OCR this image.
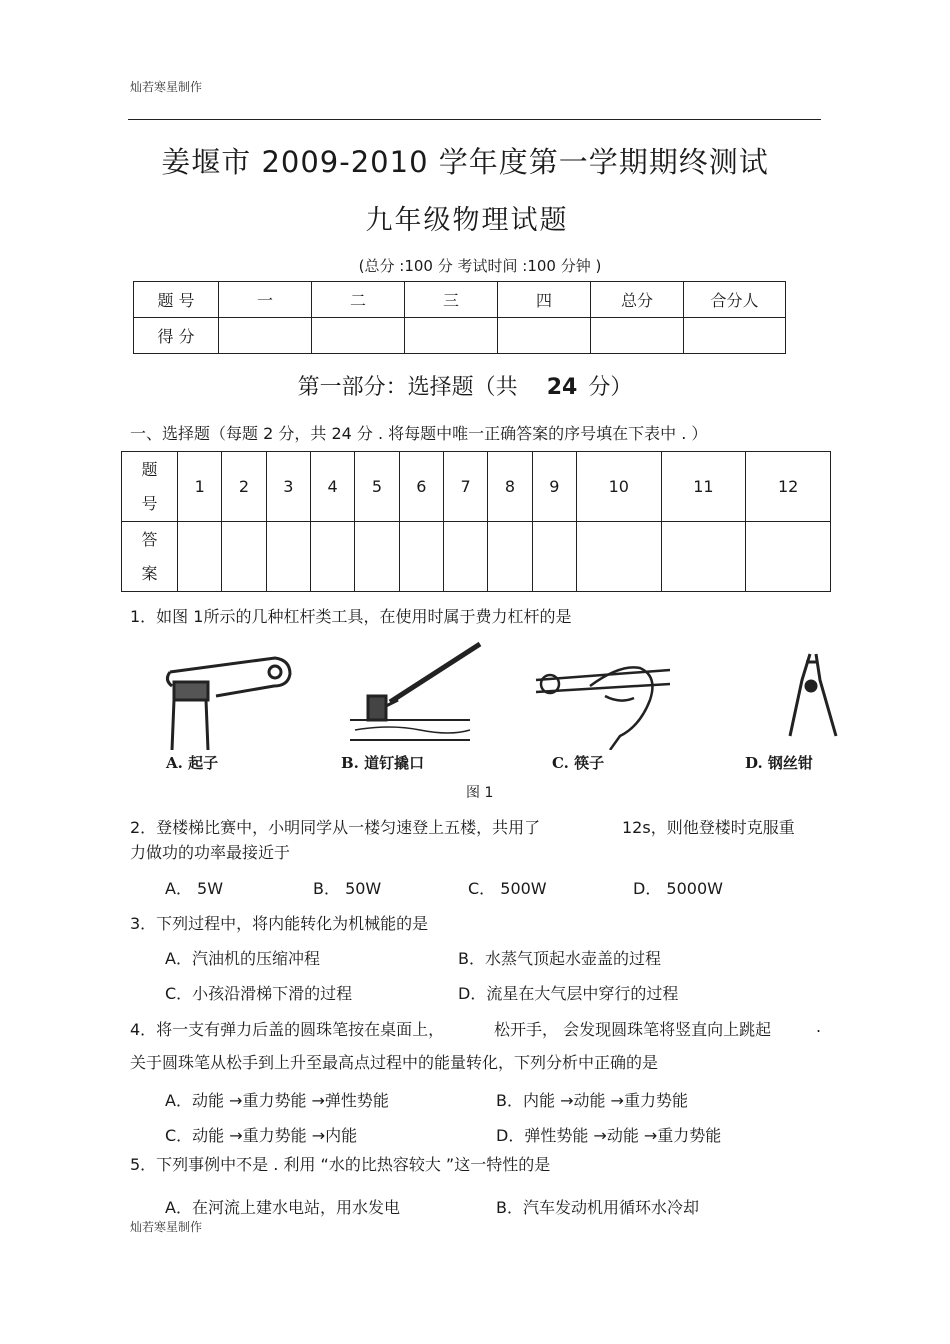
灿若寒星制作
姜堰市 2009-2010 学年度第一学期期终测试
九年级物理试题
(总分 :100 分 考试时间 :100 分钟 )
题 号	一	二	三	四	总分	合分人
得 分						
第一部分：选择题（共 24 分）
一、选择题（每题 2 分，共 24 分 . 将每题中唯一正确答案的序号填在下表中 . ）
题
号	1	2	3	4	5	6	7	8	9	10	11	12

答
案												

1．如图 1所示的几种杠杆类工具，在使用时属于费力杠杆的是
A. 起子	B. 道钉撬口	C. 筷子	D. 钢丝钳
图 1
2．登楼梯比赛中，小明同学从一楼匀速登上五楼，共用了	12s，则他登楼时克服重
力做功的功率最接近于
A． 5W	B． 50W	C． 500W	D． 5000W
3．下列过程中，将内能转化为机械能的是
A．汽油机的压缩冲程	B．水蒸气顶起水壶盖的过程
C．小孩沿滑梯下滑的过程	D．流星在大气层中穿行的过程
4．将一支有弹力后盖的圆珠笔按在桌面上，	松开手， 会发现圆珠笔将竖直向上跳起	.
关于圆珠笔从松手到上升至最高点过程中的能量转化，下列分析中正确的是
A．动能 →重力势能 →弹性势能	B．内能 →动能 →重力势能
C．动能 →重力势能 →内能	D．弹性势能 →动能 →重力势能
5．下列事例中不是 . 利用 “水的比热容较大 ”这一特性的是
A．在河流上建水电站，用水发电	B．汽车发动机用循环水冷却
灿若寒星制作
